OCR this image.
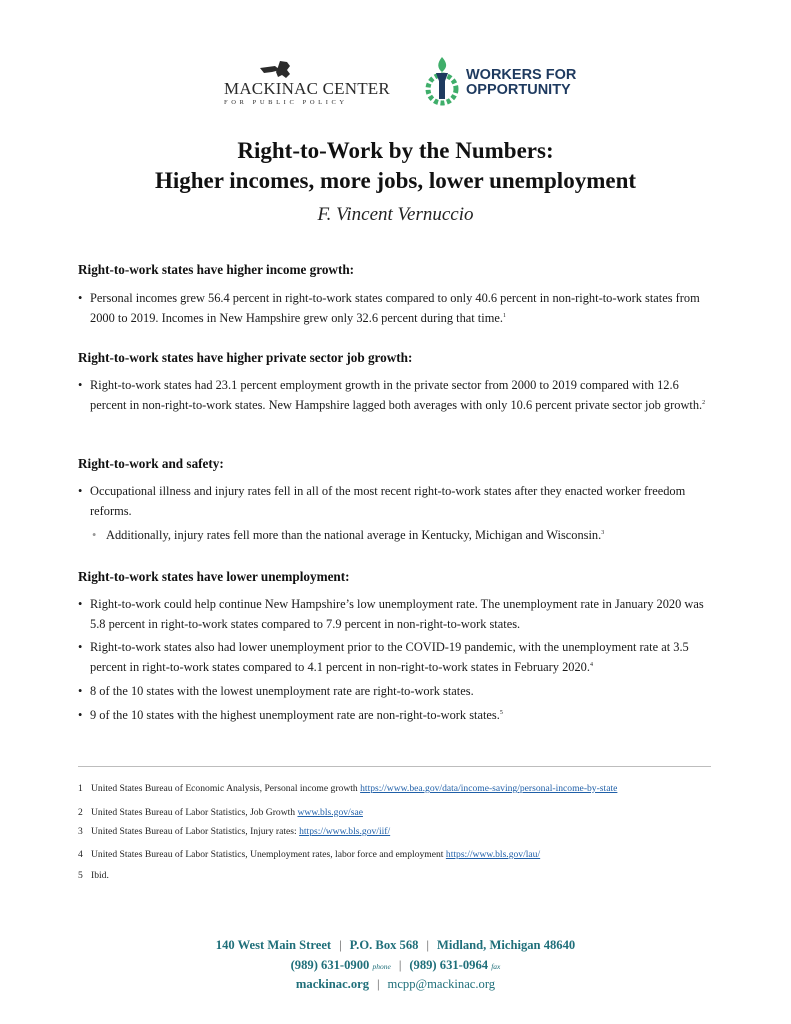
MACKINAC CENTER
FOR PUBLIC POLICY
WORKERS FOR
OPPORTUNITY
Right-to-Work by the Numbers:
Higher incomes, more jobs, lower unemployment
F. Vincent Vernuccio
Right-to-work states have higher income growth:
• Personal incomes grew 56.4 percent in right-to-work states compared to only 40.6 percent in non-right-to-work states from 2000 to 2019. Incomes in New Hampshire grew only 32.6 percent during that time.$^1$
Right-to-work states have higher private sector job growth:
• Right-to-work states had 23.1 percent employment growth in the private sector from 2000 to 2019 compared with 12.6 percent in non-right-to-work states. New Hampshire lagged both averages with only 10.6 percent private sector job growth.$^2$
Right-to-work and safety:
• Occupational illness and injury rates fell in all of the most recent right-to-work states after they enacted worker freedom reforms.
• Additionally, injury rates fell more than the national average in Kentucky, Michigan and Wisconsin.$^3$
Right-to-work states have lower unemployment:
• Right-to-work could help continue New Hampshire’s low unemployment rate. The unemployment rate in January 2020 was 5.8 percent in right-to-work states compared to 7.9 percent in non-right-to-work states.
• Right-to-work states also had lower unemployment prior to the COVID-19 pandemic, with the unemployment rate at 3.5 percent in right-to-work states compared to 4.1 percent in non-right-to-work states in February 2020.$^4$
• 8 of the 10 states with the lowest unemployment rate are right-to-work states.
• 9 of the 10 states with the highest unemployment rate are non-right-to-work states.$^5$
1 United States Bureau of Economic Analysis, Personal income growth https://www.bea.gov/data/income-saving/personal-income-by-state
2 United States Bureau of Labor Statistics, Job Growth www.bls.gov/sae
3 United States Bureau of Labor Statistics, Injury rates: https://www.bls.gov/iif/
4 United States Bureau of Labor Statistics, Unemployment rates, labor force and employment https://www.bls.gov/lau/
5 Ibid.
140 West Main Street | P.O. Box 568 | Midland, Michigan 48640
(989) 631-0900 phone | (989) 631-0964 fax
mackinac.org | mcpp@mackinac.org
